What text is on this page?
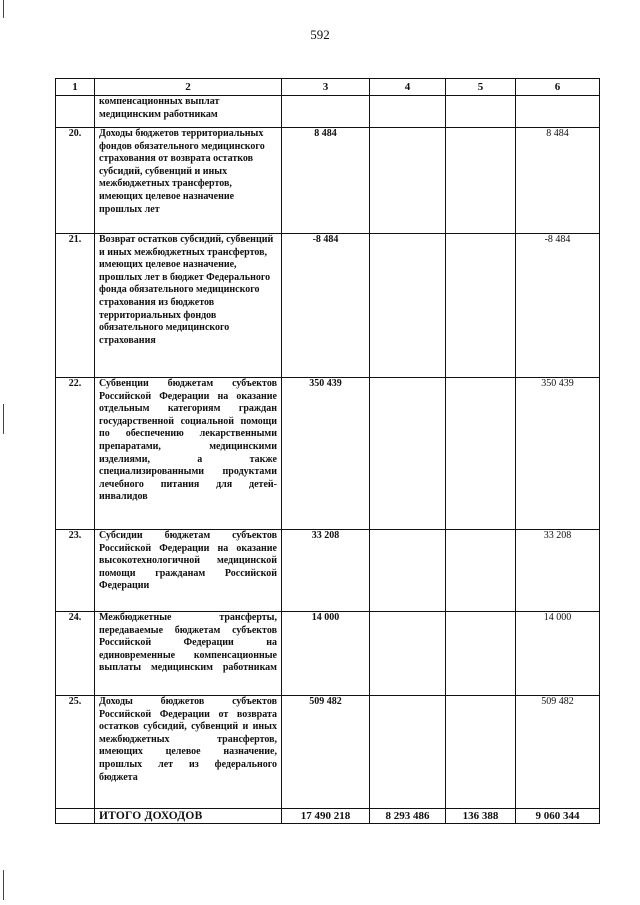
592
1	2	3	4	5	6
	компенсационных выплат медицинским работникам				
20.	Доходы бюджетов территориальных фондов обязательного медицинского страхования от возврата остатков субсидий, субвенций и иных межбюджетных трансфертов, имеющих целевое назначение прошлых лет	8 484			8 484
21.	Возврат остатков субсидий, субвенций и иных межбюджетных трансфертов, имеющих целевое назначение, прошлых лет в бюджет Федерального фонда обязательного медицинского страхования из бюджетов территориальных фондов обязательного медицинского страхования	-8 484			-8 484
22.	Субвенции бюджетам субъектов Российской Федерации на оказание отдельным категориям граждан государственной социальной помощи по обеспечению лекарственными препаратами, медицинскими изделиями, а также специализированными продуктами лечебного питания для детей-инвалидов	350 439			350 439
23.	Субсидии бюджетам субъектов Российской Федерации на оказание высокотехнологичной медицинской помощи гражданам Российской Федерации	33 208			33 208
24.	Межбюджетные трансферты, передаваемые бюджетам субъектов Российской Федерации на единовременные компенсационные выплаты медицинским работникам	14 000			14 000
25.	Доходы бюджетов субъектов Российской Федерации от возврата остатков субсидий, субвенций и иных межбюджетных трансфертов, имеющих целевое назначение, прошлых лет из федерального бюджета	509 482			509 482
	ИТОГО ДОХОДОВ	17 490 218	8 293 486	136 388	9 060 344
